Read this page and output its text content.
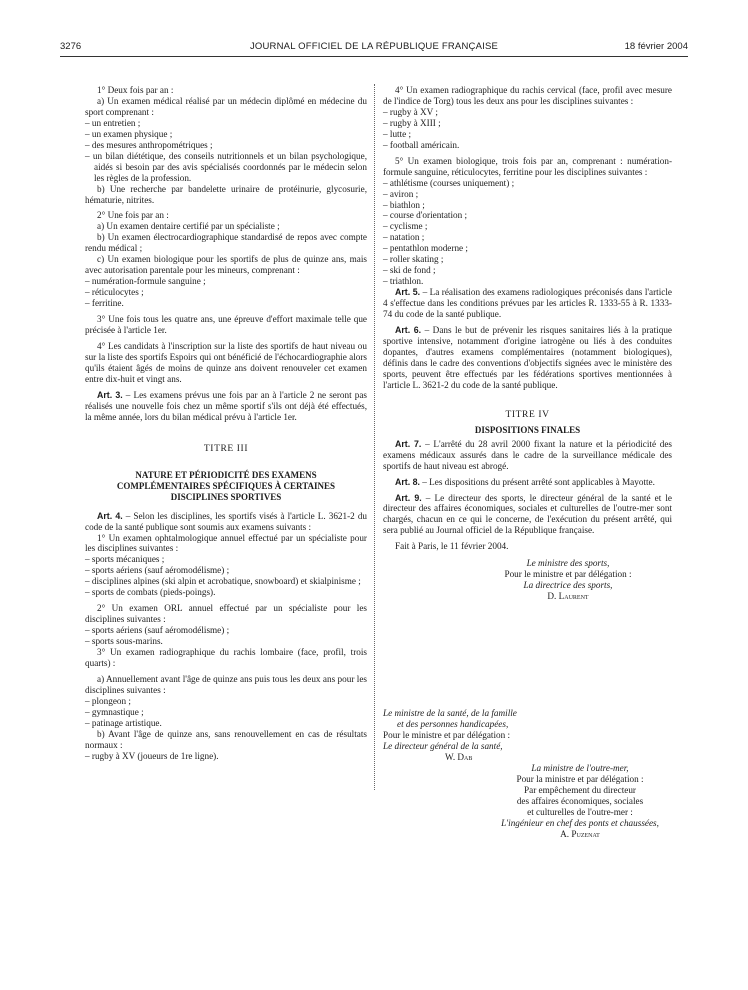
3276	JOURNAL OFFICIEL DE LA RÉPUBLIQUE FRANÇAISE	18 février 2004

1° Deux fois par an :

a) Un examen médical réalisé par un médecin diplômé en médecine du sport comprenant :

– un entretien ;

– un examen physique ;

– des mesures anthropométriques ;

– un bilan diététique, des conseils nutritionnels et un bilan psychologique, aidés si besoin par des avis spécialisés coordonnés par le médecin selon les règles de la profession.

b) Une recherche par bandelette urinaire de protéinurie, glycosurie, hématurie, nitrites.

2° Une fois par an :

a) Un examen dentaire certifié par un spécialiste ;

b) Un examen électrocardiographique standardisé de repos avec compte rendu médical ;

c) Un examen biologique pour les sportifs de plus de quinze ans, mais avec autorisation parentale pour les mineurs, comprenant :

– numération-formule sanguine ;

– réticulocytes ;

– ferritine.

3° Une fois tous les quatre ans, une épreuve d'effort maximale telle que précisée à l'article 1er.

4° Les candidats à l'inscription sur la liste des sportifs de haut niveau ou sur la liste des sportifs Espoirs qui ont bénéficié de l'échocardiographie alors qu'ils étaient âgés de moins de quinze ans doivent renouveler cet examen entre dix-huit et vingt ans.

Art. 3. – Les examens prévus une fois par an à l'article 2 ne seront pas réalisés une nouvelle fois chez un même sportif s'ils ont déjà été effectués, la même année, lors du bilan médical prévu à l'article 1er.

TITRE III

NATURE ET PÉRIODICITÉ DES EXAMENS COMPLÉMENTAIRES SPÉCIFIQUES À CERTAINES DISCIPLINES SPORTIVES

Art. 4. – Selon les disciplines, les sportifs visés à l'article L. 3621-2 du code de la santé publique sont soumis aux examens suivants :

1° Un examen ophtalmologique annuel effectué par un spécialiste pour les disciplines suivantes :

– sports mécaniques ;

– sports aériens (sauf aéromodélisme) ;

– disciplines alpines (ski alpin et acrobatique, snowboard) et skialpinisme ;

– sports de combats (pieds-poings).

2° Un examen ORL annuel effectué par un spécialiste pour les disciplines suivantes :

– sports aériens (sauf aéromodélisme) ;

– sports sous-marins.

3° Un examen radiographique du rachis lombaire (face, profil, trois quarts) :

a) Annuellement avant l'âge de quinze ans puis tous les deux ans pour les disciplines suivantes :

– plongeon ;

– gymnastique ;

– patinage artistique.

b) Avant l'âge de quinze ans, sans renouvellement en cas de résultats normaux :

– rugby à XV (joueurs de 1re ligne).

4° Un examen radiographique du rachis cervical (face, profil avec mesure de l'indice de Torg) tous les deux ans pour les disciplines suivantes :

– rugby à XV ;

– rugby à XIII ;

– lutte ;

– football américain.

5° Un examen biologique, trois fois par an, comprenant : numération-formule sanguine, réticulocytes, ferritine pour les disciplines suivantes :

– athlétisme (courses uniquement) ;

– aviron ;

– biathlon ;

– course d'orientation ;

– cyclisme ;

– natation ;

– pentathlon moderne ;

– roller skating ;

– ski de fond ;

– triathlon.

Art. 5. – La réalisation des examens radiologiques préconisés dans l'article 4 s'effectue dans les conditions prévues par les articles R. 1333-55 à R. 1333-74 du code de la santé publique.

Art. 6. – Dans le but de prévenir les risques sanitaires liés à la pratique sportive intensive, notamment d'origine iatrogène ou liés à des conduites dopantes, d'autres examens complémentaires (notamment biologiques), définis dans le cadre des conventions d'objectifs signées avec le ministère des sports, peuvent être effectués par les fédérations sportives mentionnées à l'article L. 3621-2 du code de la santé publique.

TITRE IV

DISPOSITIONS FINALES

Art. 7. – L'arrêté du 28 avril 2000 fixant la nature et la périodicité des examens médicaux assurés dans le cadre de la surveillance médicale des sportifs de haut niveau est abrogé.

Art. 8. – Les dispositions du présent arrêté sont applicables à Mayotte.

Art. 9. – Le directeur des sports, le directeur général de la santé et le directeur des affaires économiques, sociales et culturelles de l'outre-mer sont chargés, chacun en ce qui le concerne, de l'exécution du présent arrêté, qui sera publié au Journal officiel de la République française.

Fait à Paris, le 11 février 2004.

Le ministre des sports,

Pour le ministre et par délégation :

La directrice des sports,

D. Laurent

Le ministre de la santé, de la famille

et des personnes handicapées,

Pour le ministre et par délégation :

Le directeur général de la santé,

W. Dab

La ministre de l'outre-mer,

Pour la ministre et par délégation :

Par empêchement du directeur

des affaires économiques, sociales

et culturelles de l'outre-mer :

L'ingénieur en chef des ponts et chaussées,

A. Puzenat
